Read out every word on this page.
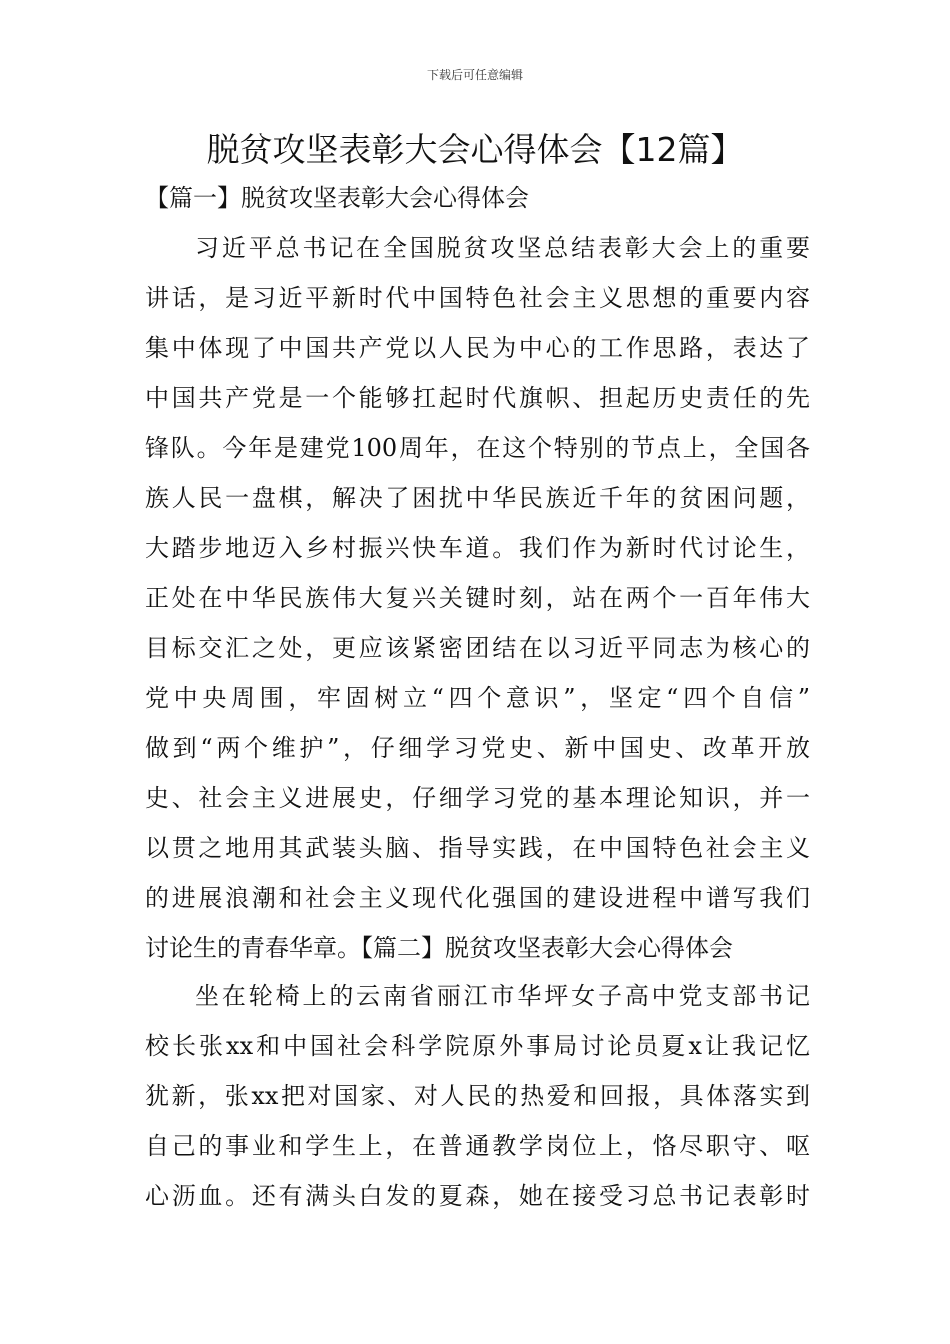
下载后可任意编辑
脱贫攻坚表彰大会心得体会【12篇】
【篇一】脱贫攻坚表彰大会心得体会
习近平总书记在全国脱贫攻坚总结表彰大会上的重要
讲话，是习近平新时代中国特色社会主义思想的重要内容
集中体现了中国共产党以人民为中心的工作思路，表达了
中国共产党是一个能够扛起时代旗帜、担起历史责任的先
锋队。今年是建党100周年，在这个特别的节点上，全国各
族人民一盘棋，解决了困扰中华民族近千年的贫困问题，
大踏步地迈入乡村振兴快车道。我们作为新时代讨论生，
正处在中华民族伟大复兴关键时刻，站在两个一百年伟大
目标交汇之处，更应该紧密团结在以习近平同志为核心的
党中央周围，牢固树立“四个意识”，坚定“四个自信”
做到“两个维护”，仔细学习党史、新中国史、改革开放
史、社会主义进展史，仔细学习党的基本理论知识，并一
以贯之地用其武装头脑、指导实践，在中国特色社会主义
的进展浪潮和社会主义现代化强国的建设进程中谱写我们
讨论生的青春华章。【篇二】脱贫攻坚表彰大会心得体会
坐在轮椅上的云南省丽江市华坪女子高中党支部书记
校长张xx和中国社会科学院原外事局讨论员夏x让我记忆
犹新，张xx把对国家、对人民的热爱和回报，具体落实到
自己的事业和学生上，在普通教学岗位上，恪尽职守、呕
心沥血。还有满头白发的夏森，她在接受习总书记表彰时
